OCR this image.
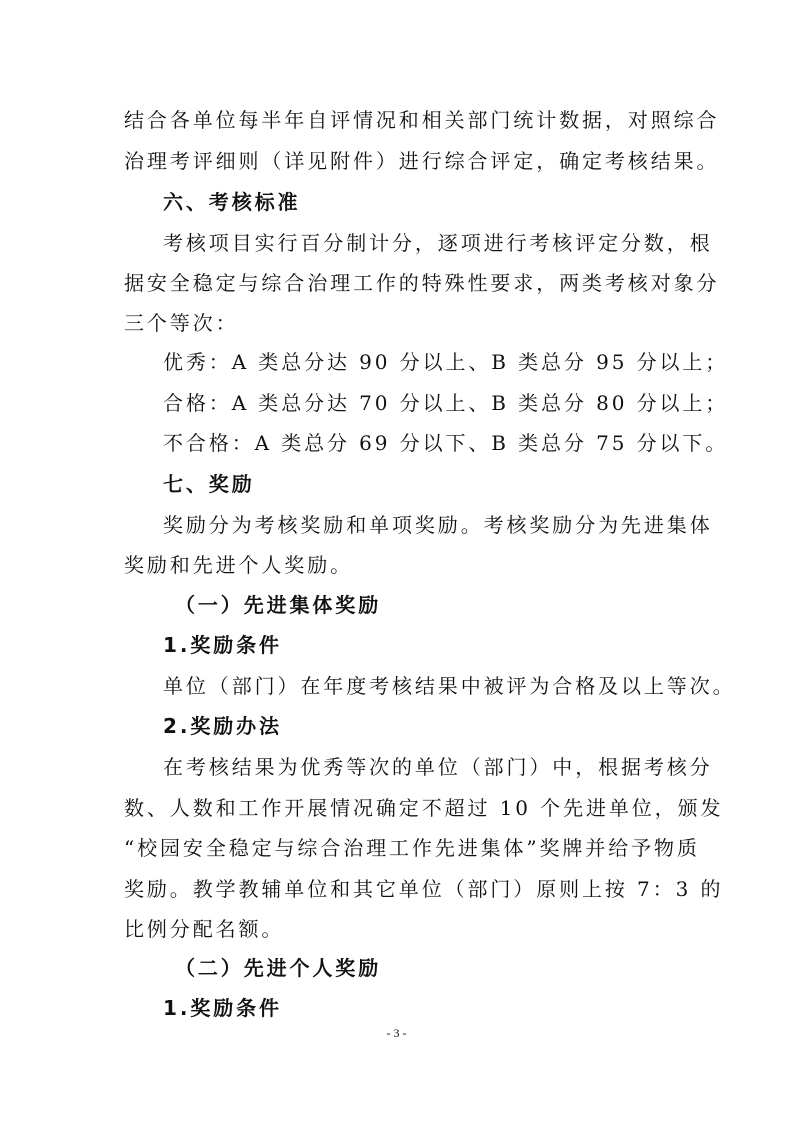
结合各单位每半年自评情况和相关部门统计数据，对照综合
治理考评细则（详见附件）进行综合评定，确定考核结果。
六、考核标准
考核项目实行百分制计分，逐项进行考核评定分数，根
据安全稳定与综合治理工作的特殊性要求，两类考核对象分
三个等次：
优秀：A 类总分达 90 分以上、B 类总分 95 分以上；
合格：A 类总分达 70 分以上、B 类总分 80 分以上；
不合格：A 类总分 69 分以下、B 类总分 75 分以下。
七、奖励
奖励分为考核奖励和单项奖励。考核奖励分为先进集体
奖励和先进个人奖励。
（一）先进集体奖励
1.奖励条件
单位（部门）在年度考核结果中被评为合格及以上等次。
2.奖励办法
在考核结果为优秀等次的单位（部门）中，根据考核分
数、人数和工作开展情况确定不超过 10 个先进单位，颁发
“校园安全稳定与综合治理工作先进集体”奖牌并给予物质
奖励。教学教辅单位和其它单位（部门）原则上按 7：3 的
比例分配名额。
（二）先进个人奖励
1.奖励条件
- 3 -
